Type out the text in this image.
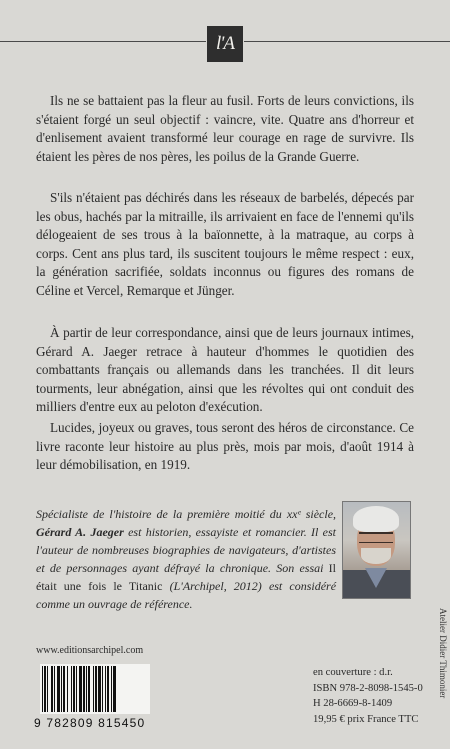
l'A

Ils ne se battaient pas la fleur au fusil. Forts de leurs convictions, ils s'étaient forgé un seul objectif : vaincre, vite. Quatre ans d'horreur et d'enlisement avaient transformé leur courage en rage de survivre. Ils étaient les pères de nos pères, les poilus de la Grande Guerre.

S'ils n'étaient pas déchirés dans les réseaux de barbelés, dépecés par les obus, hachés par la mitraille, ils arrivaient en face de l'ennemi qu'ils délogeaient de ses trous à la baïonnette, à la matraque, au corps à corps. Cent ans plus tard, ils suscitent toujours le même respect : eux, la génération sacrifiée, soldats inconnus ou figures des romans de Céline et Vercel, Remarque et Jünger.

À partir de leur correspondance, ainsi que de leurs journaux intimes, Gérard A. Jaeger retrace à hauteur d'hommes le quotidien des combattants français ou allemands dans les tranchées. Il dit leurs tourments, leur abnégation, ainsi que les révoltes qui ont conduit des milliers d'entre eux au peloton d'exécution.

Lucides, joyeux ou graves, tous seront des héros de circonstance. Ce livre raconte leur histoire au plus près, mois par mois, d'août 1914 à leur démobilisation, en 1919.

Spécialiste de l'histoire de la première moitié du xxᵉ siècle, Gérard A. Jaeger est historien, essayiste et romancier. Il est l'auteur de nombreuses biographies de navigateurs, d'artistes et de personnages ayant défrayé la chronique. Son essai Il était une fois le Titanic (L'Archipel, 2012) est considéré comme un ouvrage de référence.

www.editionsarchipel.com
9 782809 815450
en couverture : d.r.
ISBN 978-2-8098-1545-0
H 28-6669-8-1409
19,95 € prix France TTC
Atelier Didier Thimonier
